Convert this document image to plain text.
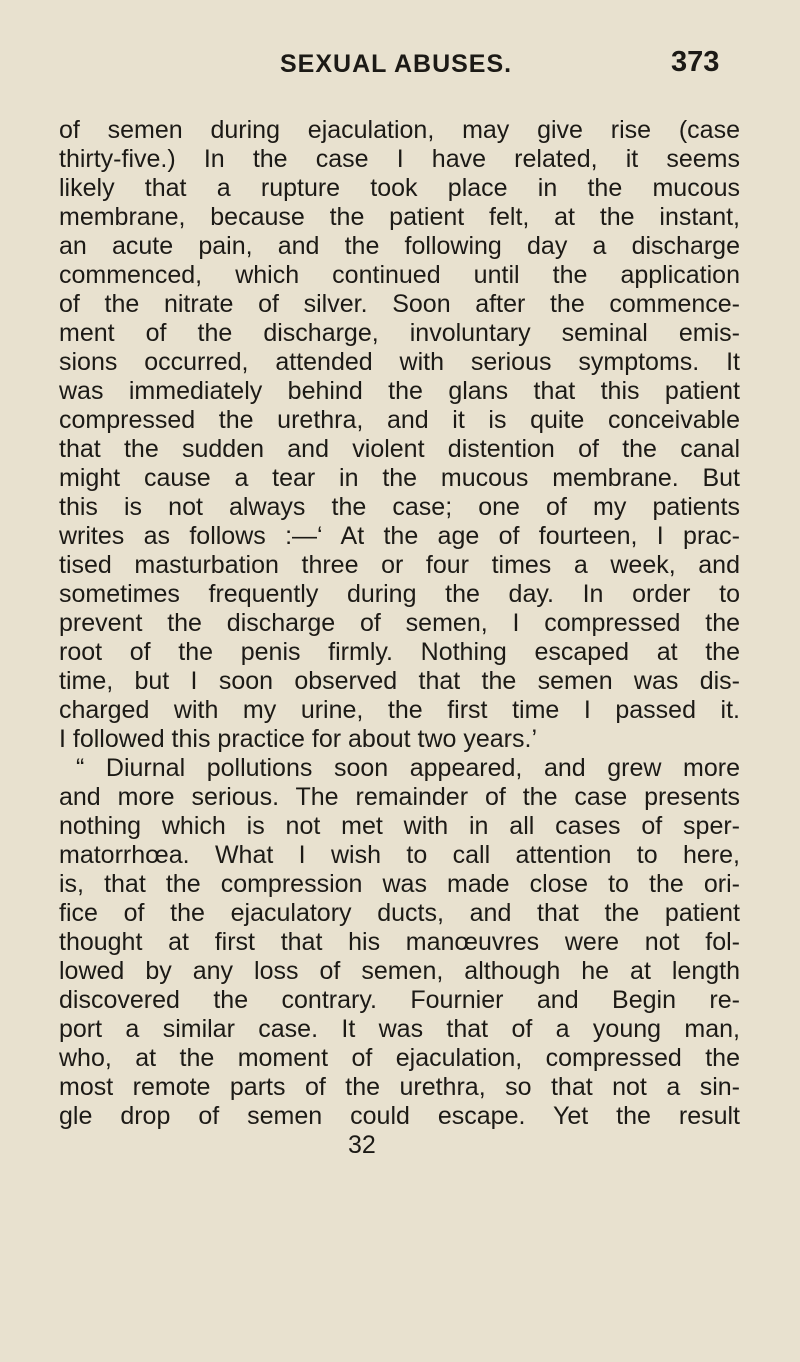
SEXUAL ABUSES.	373
of semen during ejaculation, may give rise (case
thirty-five.) In the case I have related, it seems
likely that a rupture took place in the mucous
membrane, because the patient felt, at the instant,
an acute pain, and the following day a discharge
commenced, which continued until the application
of the nitrate of silver. Soon after the commence-
ment of the discharge, involuntary seminal emis-
sions occurred, attended with serious symptoms. It
was immediately behind the glans that this patient
compressed the urethra, and it is quite conceivable
that the sudden and violent distention of the canal
might cause a tear in the mucous membrane. But
this is not always the case; one of my patients
writes as follows :—‘ At the age of fourteen, I prac-
tised masturbation three or four times a week, and
sometimes frequently during the day. In order to
prevent the discharge of semen, I compressed the
root of the penis firmly. Nothing escaped at the
time, but I soon observed that the semen was dis-
charged with my urine, the first time I passed it.
I followed this practice for about two years.’
“ Diurnal pollutions soon appeared, and grew more
and more serious. The remainder of the case presents
nothing which is not met with in all cases of sper-
matorrhœa. What I wish to call attention to here,
is, that the compression was made close to the ori-
fice of the ejaculatory ducts, and that the patient
thought at first that his manœuvres were not fol-
lowed by any loss of semen, although he at length
discovered the contrary. Fournier and Begin re-
port a similar case. It was that of a young man,
who, at the moment of ejaculation, compressed the
most remote parts of the urethra, so that not a sin-
gle drop of semen could escape. Yet the result
32
